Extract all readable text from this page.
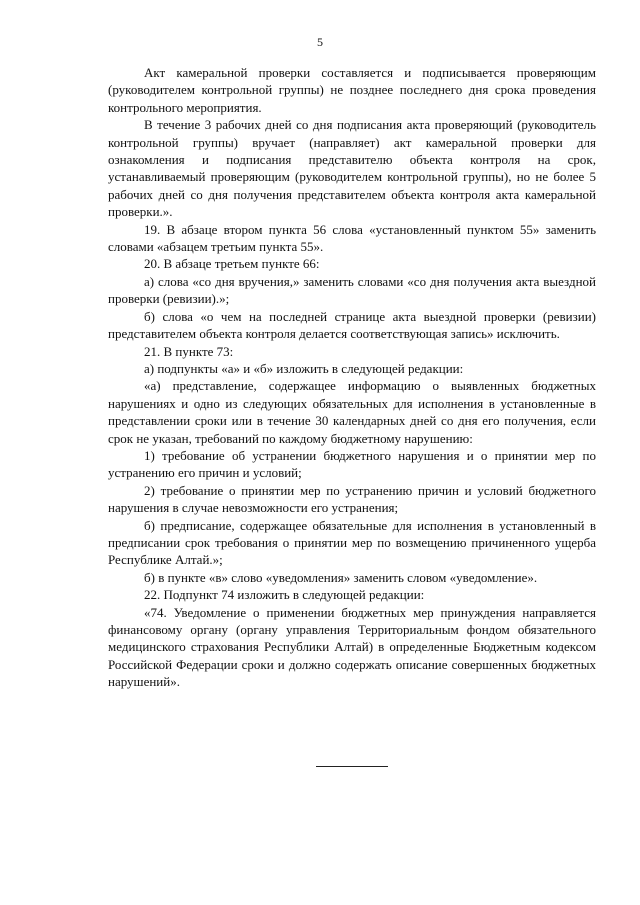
5

Акт камеральной проверки составляется и подписывается проверяющим (руководителем контрольной группы) не позднее последнего дня срока проведения контрольного мероприятия.

В течение 3 рабочих дней со дня подписания акта проверяющий (руководитель контрольной группы) вручает (направляет) акт камеральной проверки для ознакомления и подписания представителю объекта контроля на срок, устанавливаемый проверяющим (руководителем контрольной группы), но не более 5 рабочих дней со дня получения представителем объекта контроля акта камеральной проверки.».

19. В абзаце втором пункта 56 слова «установленный пунктом 55» заменить словами «абзацем третьим пункта 55».

20. В абзаце третьем пункте 66:

а) слова «со дня вручения,» заменить словами «со дня получения акта выездной проверки (ревизии).»;

б) слова «о чем на последней странице акта выездной проверки (ревизии) представителем объекта контроля делается соответствующая запись» исключить.

21. В пункте 73:

а) подпункты «а» и «б» изложить в следующей редакции:

«а) представление, содержащее информацию о выявленных бюджетных нарушениях и одно из следующих обязательных для исполнения в установленные в представлении сроки или в течение 30 календарных дней со дня его получения, если срок не указан, требований по каждому бюджетному нарушению:

1) требование об устранении бюджетного нарушения и о принятии мер по устранению его причин и условий;

2) требование о принятии мер по устранению причин и условий бюджетного нарушения в случае невозможности его устранения;

б) предписание, содержащее обязательные для исполнения в установленный в предписании срок требования о принятии мер по возмещению причиненного ущерба Республике Алтай.»;

б) в пункте «в» слово «уведомления» заменить словом «уведомление».

22. Подпункт 74 изложить в следующей редакции:

«74. Уведомление о применении бюджетных мер принуждения направляется финансовому органу (органу управления Территориальным фондом обязательного медицинского страхования Республики Алтай) в определенные Бюджетным кодексом Российской Федерации сроки и должно содержать описание совершенных бюджетных нарушений».
